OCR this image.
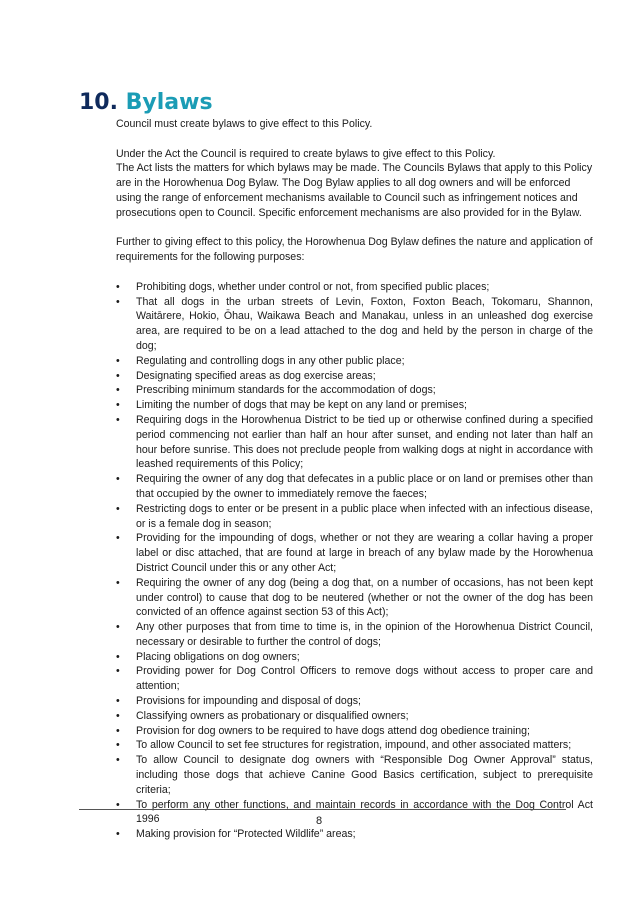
10. Bylaws

Council must create bylaws to give effect to this Policy.

Under the Act the Council is required to create bylaws to give effect to this Policy.

The Act lists the matters for which bylaws may be made. The Councils Bylaws that apply to this Policy are in the Horowhenua Dog Bylaw. The Dog Bylaw applies to all dog owners and will be enforced using the range of enforcement mechanisms available to Council such as infringement notices and prosecutions open to Council. Specific enforcement mechanisms are also provided for in the Bylaw.

Further to giving effect to this policy, the Horowhenua Dog Bylaw defines the nature and application of requirements for the following purposes:

• Prohibiting dogs, whether under control or not, from specified public places;
• That all dogs in the urban streets of Levin, Foxton, Foxton Beach, Tokomaru, Shannon, Waitārere, Hokio, Ōhau, Waikawa Beach and Manakau, unless in an unleashed dog exercise area, are required to be on a lead attached to the dog and held by the person in charge of the dog;
• Regulating and controlling dogs in any other public place;
• Designating specified areas as dog exercise areas;
• Prescribing minimum standards for the accommodation of dogs;
• Limiting the number of dogs that may be kept on any land or premises;
• Requiring dogs in the Horowhenua District to be tied up or otherwise confined during a specified period commencing not earlier than half an hour after sunset, and ending not later than half an hour before sunrise. This does not preclude people from walking dogs at night in accordance with leashed requirements of this Policy;
• Requiring the owner of any dog that defecates in a public place or on land or premises other than that occupied by the owner to immediately remove the faeces;
• Restricting dogs to enter or be present in a public place when infected with an infectious disease, or is a female dog in season;
• Providing for the impounding of dogs, whether or not they are wearing a collar having a proper label or disc attached, that are found at large in breach of any bylaw made by the Horowhenua District Council under this or any other Act;
• Requiring the owner of any dog (being a dog that, on a number of occasions, has not been kept under control) to cause that dog to be neutered (whether or not the owner of the dog has been convicted of an offence against section 53 of this Act);
• Any other purposes that from time to time is, in the opinion of the Horowhenua District Council, necessary or desirable to further the control of dogs;
• Placing obligations on dog owners;
• Providing power for Dog Control Officers to remove dogs without access to proper care and attention;
• Provisions for impounding and disposal of dogs;
• Classifying owners as probationary or disqualified owners;
• Provision for dog owners to be required to have dogs attend dog obedience training;
• To allow Council to set fee structures for registration, impound, and other associated matters;
• To allow Council to designate dog owners with “Responsible Dog Owner Approval” status, including those dogs that achieve Canine Good Basics certification, subject to prerequisite criteria;
• To perform any other functions, and maintain records in accordance with the Dog Control Act 1996
• Making provision for “Protected Wildlife” areas;
8
